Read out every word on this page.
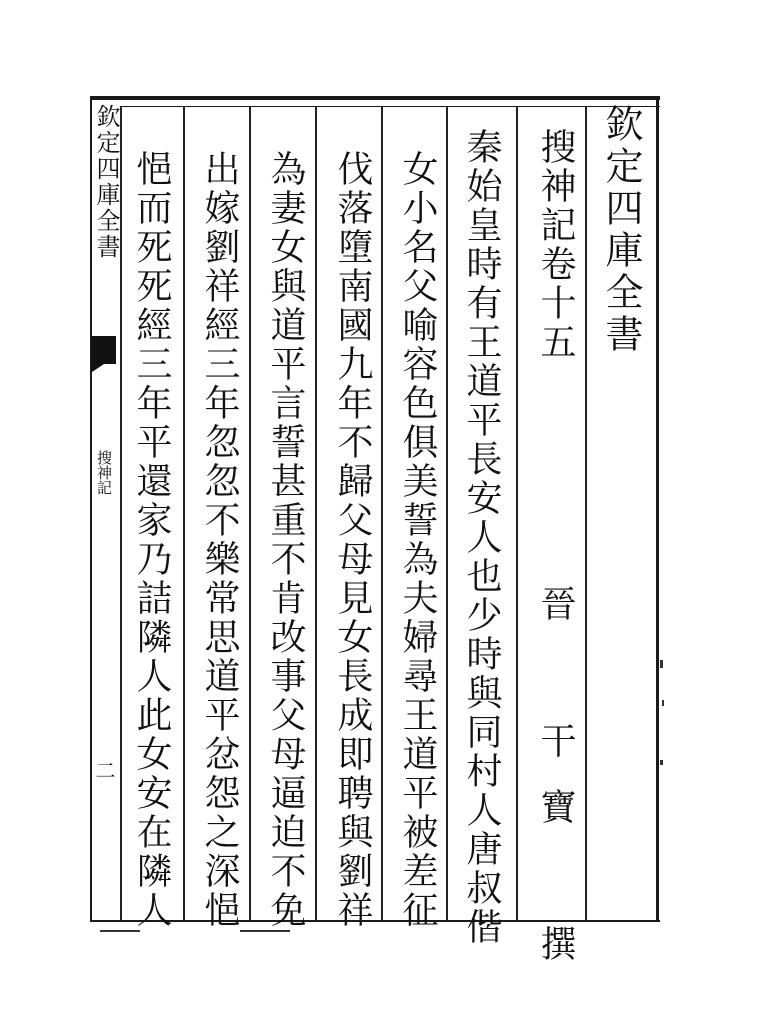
欽定四庫全書
搜神記
二
欽定四庫全書
搜神記卷十五
晉 干寶 撰
秦始皇時有王道平長安人也少時與同村人唐叔偕
女小名父喻容色俱美誓為夫婦尋王道平被差征
伐落墮南國九年不歸父母見女長成即聘與劉祥
為妻女與道平言誓甚重不肯改事父母逼迫不免
出嫁劉祥經三年忽忽不樂常思道平忿怨之深悒
悒而死死經三年平還家乃詰隣人此女安在隣人
